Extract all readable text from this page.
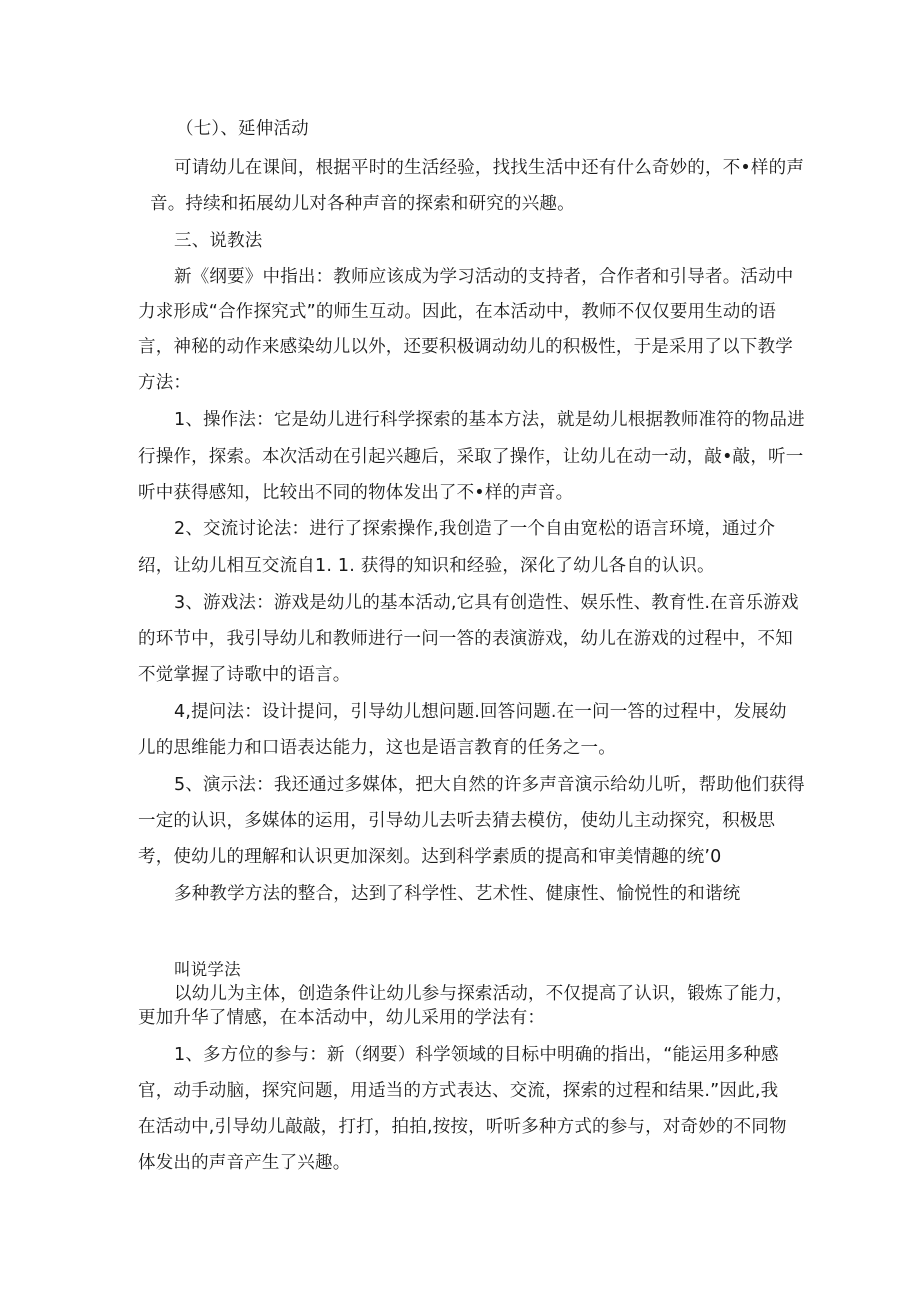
（七）、延伸活动
可请幼儿在课间，根据平时的生活经验，找找生活中还有什么奇妙的，不•样的声
音。持续和拓展幼儿对各种声音的探索和研究的兴趣。
三、说教法
新《纲要》中指出：教师应该成为学习活动的支持者，合作者和引导者。活动中
力求形成“合作探究式”的师生互动。因此，在本活动中，教师不仅仅要用生动的语
言，神秘的动作来感染幼儿以外，还要积极调动幼儿的积极性，于是采用了以下教学
方法：
1、操作法：它是幼儿进行科学探索的基本方法，就是幼儿根据教师准符的物品进
行操作，探索。本次活动在引起兴趣后，采取了操作，让幼儿在动一动，敲•敲，听一
听中获得感知，比较出不同的物体发出了不•样的声音。
2、交流讨论法：进行了探索操作,我创造了一个自由宽松的语言环境，通过介
绍，让幼儿相互交流自1. 1. 获得的知识和经验，深化了幼儿各自的认识。
3、游戏法：游戏是幼儿的基本活动,它具有创造性、娱乐性、教育性.在音乐游戏
的环节中，我引导幼儿和教师进行一问一答的表演游戏，幼儿在游戏的过程中，不知
不觉掌握了诗歌中的语言。
4,提问法：设计提问，引导幼儿想问题.回答问题.在一问一答的过程中，发展幼
儿的思维能力和口语表达能力，这也是语言教育的任务之一。
5、演示法：我还通过多媒体，把大自然的许多声音演示给幼儿听，帮助他们获得
一定的认识，多媒体的运用，引导幼儿去听去猜去模仿，使幼儿主动探究，积极思
考，使幼儿的理解和认识更加深刻。达到科学素质的提高和审美情趣的统’0
多种教学方法的整合，达到了科学性、艺术性、健康性、愉悦性的和谐统
叫说学法
以幼儿为主体，创造条件让幼儿参与探索活动，不仅提高了认识，锻炼了能力，
更加升华了情感，在本活动中，幼儿采用的学法有：
1、多方位的参与：新（纲要）科学领域的目标中明确的指出，“能运用多种感
官，动手动脑，探究问题，用适当的方式表达、交流，探索的过程和结果.”因此,我
在活动中,引导幼儿敲敲，打打，拍拍,按按，听听多种方式的参与，对奇妙的不同物
体发出的声音产生了兴趣。
